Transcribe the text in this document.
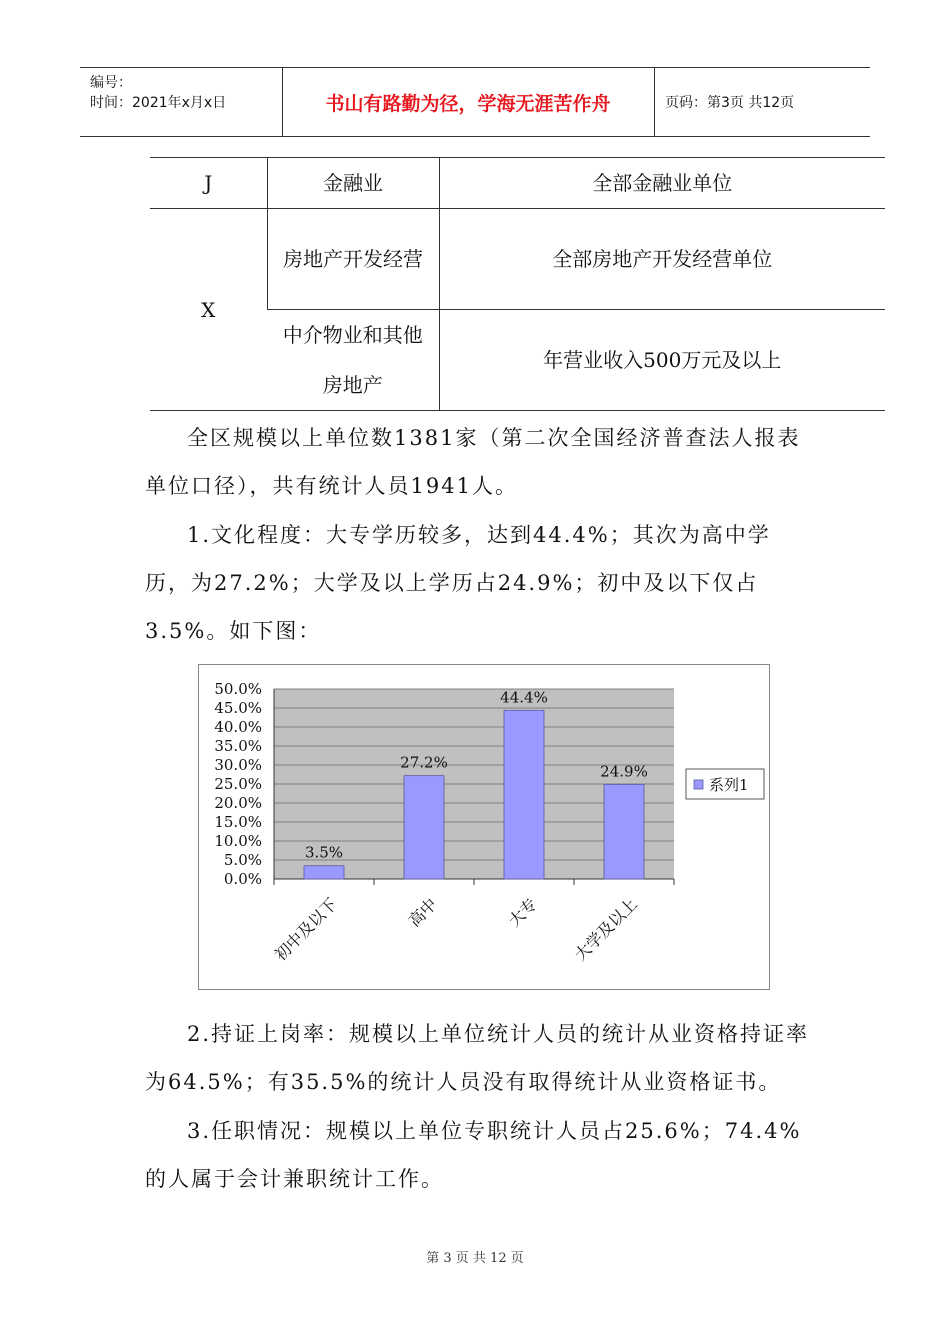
编号：
时间：2021年x月x日	书山有路勤为径，学海无涯苦作舟	页码：第3页 共12页
J	金融业	全部金融业单位
X	房地产开发经营	全部房地产开发经营单位
	中介物业和其他房地产	年营业收入500万元及以上
全区规模以上单位数1381家（第二次全国经济普查法人报表单位口径），共有统计人员1941人。
1.文化程度：大专学历较多，达到44.4%；其次为高中学历，为27.2%；大学及以上学历占24.9%；初中及以下仅占3.5%。如下图：
50.0%
45.0%
40.0%
35.0%
30.0%
25.0%
20.0%
15.0%
10.0%
5.0%
0.0%
3.5%
初中及以下
27.2%
高中
44.4%
大专
24.9%
大学及以上
系列1
2.持证上岗率：规模以上单位统计人员的统计从业资格持证率为64.5%；有35.5%的统计人员没有取得统计从业资格证书。
3.任职情况：规模以上单位专职统计人员占25.6%；74.4%的人属于会计兼职统计工作。
第 3 页 共 12 页
